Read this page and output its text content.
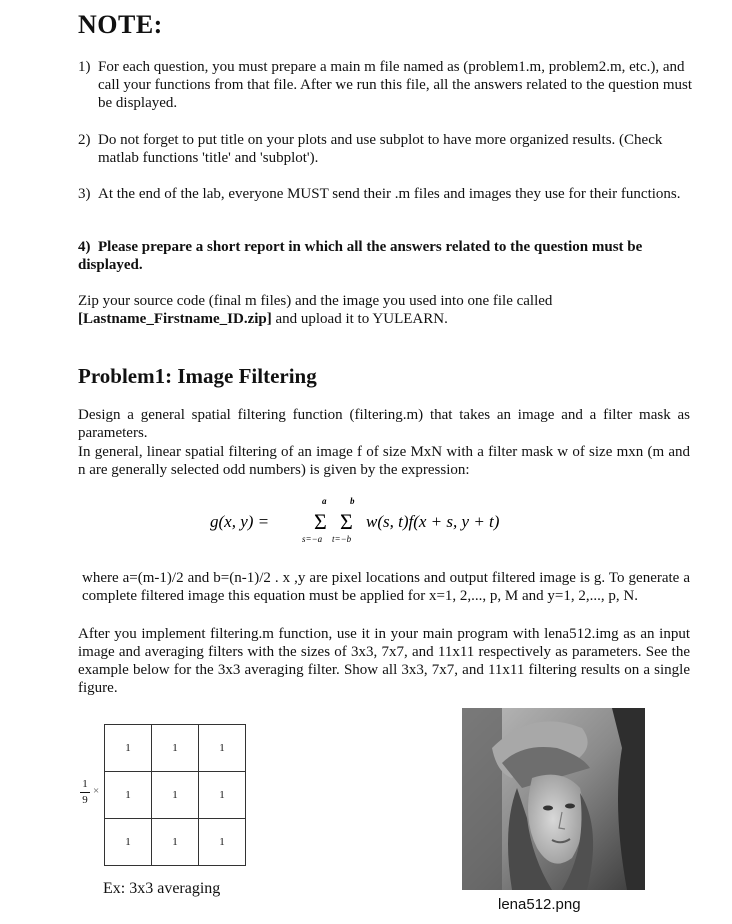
NOTE:
1) For each question, you must prepare a main m file named as (problem1.m, problem2.m, etc.), and call your functions from that file. After we run this file, all the answers related to the question must be displayed.
2) Do not forget to put title on your plots and use subplot to have more organized results. (Check matlab functions 'title' and 'subplot').
3) At the end of the lab, everyone MUST send their .m files and images they use for their functions.
4) Please prepare a short report in which all the answers related to the question must be displayed.
Zip your source code (final m files) and the image you used into one file called
[Lastname_Firstname_ID.zip] and upload it to YULEARN.
Problem1: Image Filtering
Design a general spatial filtering function (filtering.m) that takes an image and a filter mask as parameters.
In general, linear spatial filtering of an image f of size MxN with a filter mask w of size mxn (m and n are generally selected odd numbers) is given by the expression:
g(x, y) =
a
Σ
s=−a
b
Σ
t=−b
w(s, t)f(x + s, y + t)
where a=(m-1)/2 and b=(n-1)/2 . x ,y are pixel locations and output filtered image is g. To generate a complete filtered image this equation must be applied for x=1, 2,..., p, M and y=1, 2,..., p, N.
After you implement filtering.m function, use it in your main program with lena512.img as an input image and averaging filters with the sizes of 3x3, 7x7, and 11x11 respectively as parameters. See the example below for the 3x3 averaging filter. Show all 3x3, 7x7, and 11x11 filtering results on a single figure.
1
9
×
1	1	1
1	1	1
1	1	1
Ex: 3x3 averaging
lena512.png
